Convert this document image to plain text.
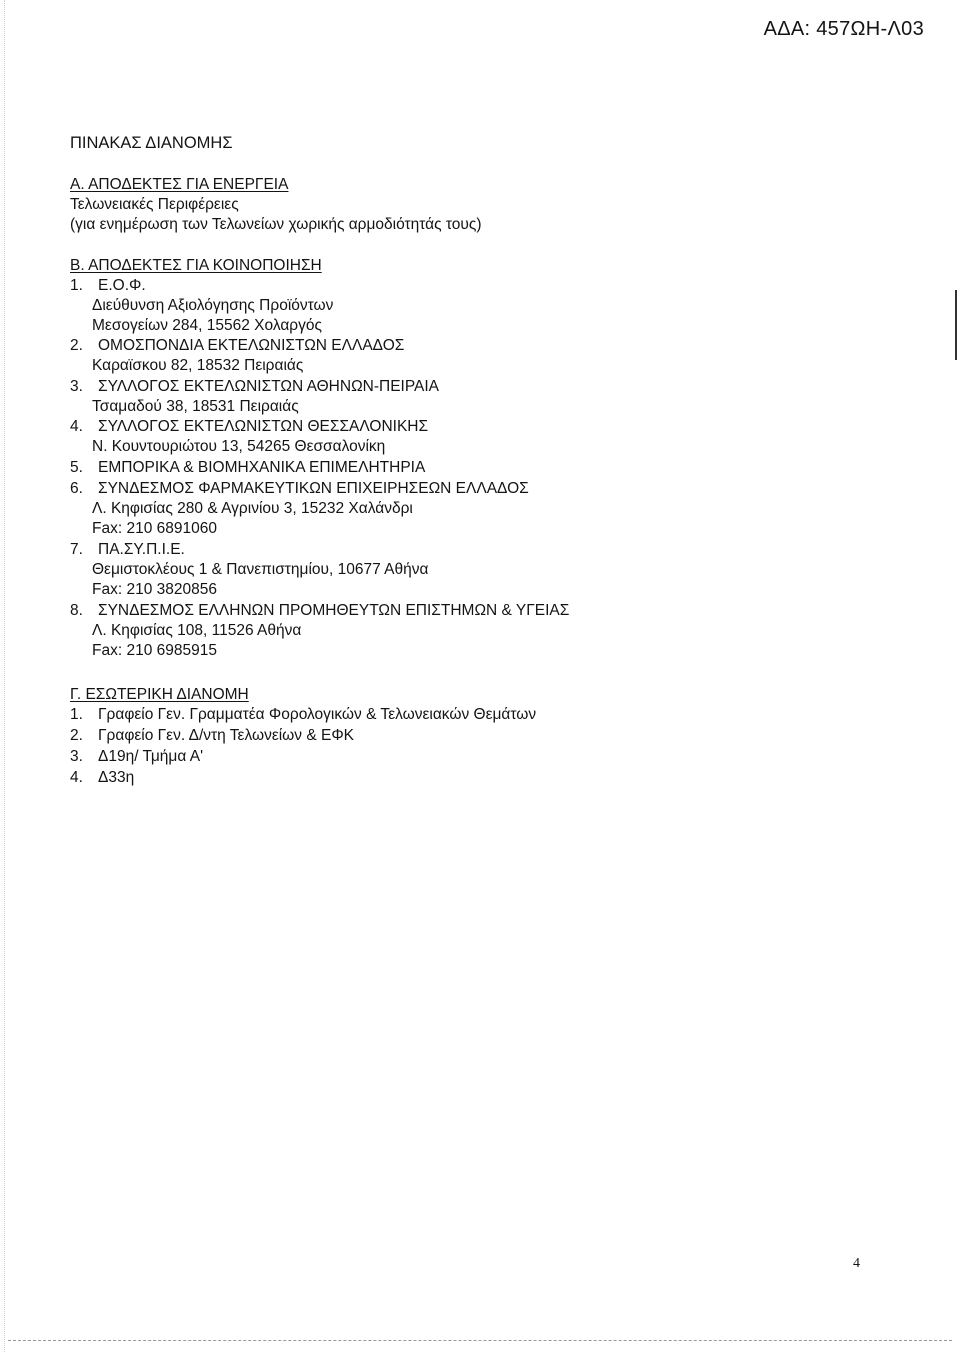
ΑΔΑ: 457ΩΗ-Λ03
ΠΙΝΑΚΑΣ ΔΙΑΝΟΜΗΣ
Α. ΑΠΟΔΕΚΤΕΣ ΓΙΑ ΕΝΕΡΓΕΙΑ
Τελωνειακές Περιφέρειες
(για ενημέρωση των Τελωνείων χωρικής αρμοδιότητάς τους)
Β. ΑΠΟΔΕΚΤΕΣ ΓΙΑ ΚΟΙΝΟΠΟΙΗΣΗ
1. Ε.Ο.Φ.
Διεύθυνση Αξιολόγησης Προϊόντων
Μεσογείων 284, 15562 Χολαργός
2. ΟΜΟΣΠΟΝΔΙΑ ΕΚΤΕΛΩΝΙΣΤΩΝ ΕΛΛΑΔΟΣ
Καραϊσκου 82, 18532 Πειραιάς
3. ΣΥΛΛΟΓΟΣ ΕΚΤΕΛΩΝΙΣΤΩΝ ΑΘΗΝΩΝ-ΠΕΙΡΑΙΑ
Τσαμαδού 38, 18531 Πειραιάς
4. ΣΥΛΛΟΓΟΣ ΕΚΤΕΛΩΝΙΣΤΩΝ ΘΕΣΣΑΛΟΝΙΚΗΣ
Ν. Κουντουριώτου 13, 54265 Θεσσαλονίκη
5. ΕΜΠΟΡΙΚΑ & ΒΙΟΜΗΧΑΝΙΚΑ ΕΠΙΜΕΛΗΤΗΡΙΑ
6. ΣΥΝΔΕΣΜΟΣ ΦΑΡΜΑΚΕΥΤΙΚΩΝ ΕΠΙΧΕΙΡΗΣΕΩΝ ΕΛΛΑΔΟΣ
Λ. Κηφισίας 280 & Αγρινίου 3, 15232 Χαλάνδρι
Fax: 210 6891060
7. ΠΑ.ΣΥ.Π.Ι.Ε.
Θεμιστοκλέους 1 & Πανεπιστημίου, 10677 Αθήνα
Fax: 210 3820856
8. ΣΥΝΔΕΣΜΟΣ ΕΛΛΗΝΩΝ ΠΡΟΜΗΘΕΥΤΩΝ ΕΠΙΣΤΗΜΩΝ & ΥΓΕΙΑΣ
Λ. Κηφισίας 108, 11526 Αθήνα
Fax: 210 6985915
Γ. ΕΣΩΤΕΡΙΚΗ ΔΙΑΝΟΜΗ
1. Γραφείο Γεν. Γραμματέα Φορολογικών & Τελωνειακών Θεμάτων
2. Γραφείο Γεν. Δ/ντη Τελωνείων & ΕΦΚ
3. Δ19η/ Τμήμα Α'
4. Δ33η
4
